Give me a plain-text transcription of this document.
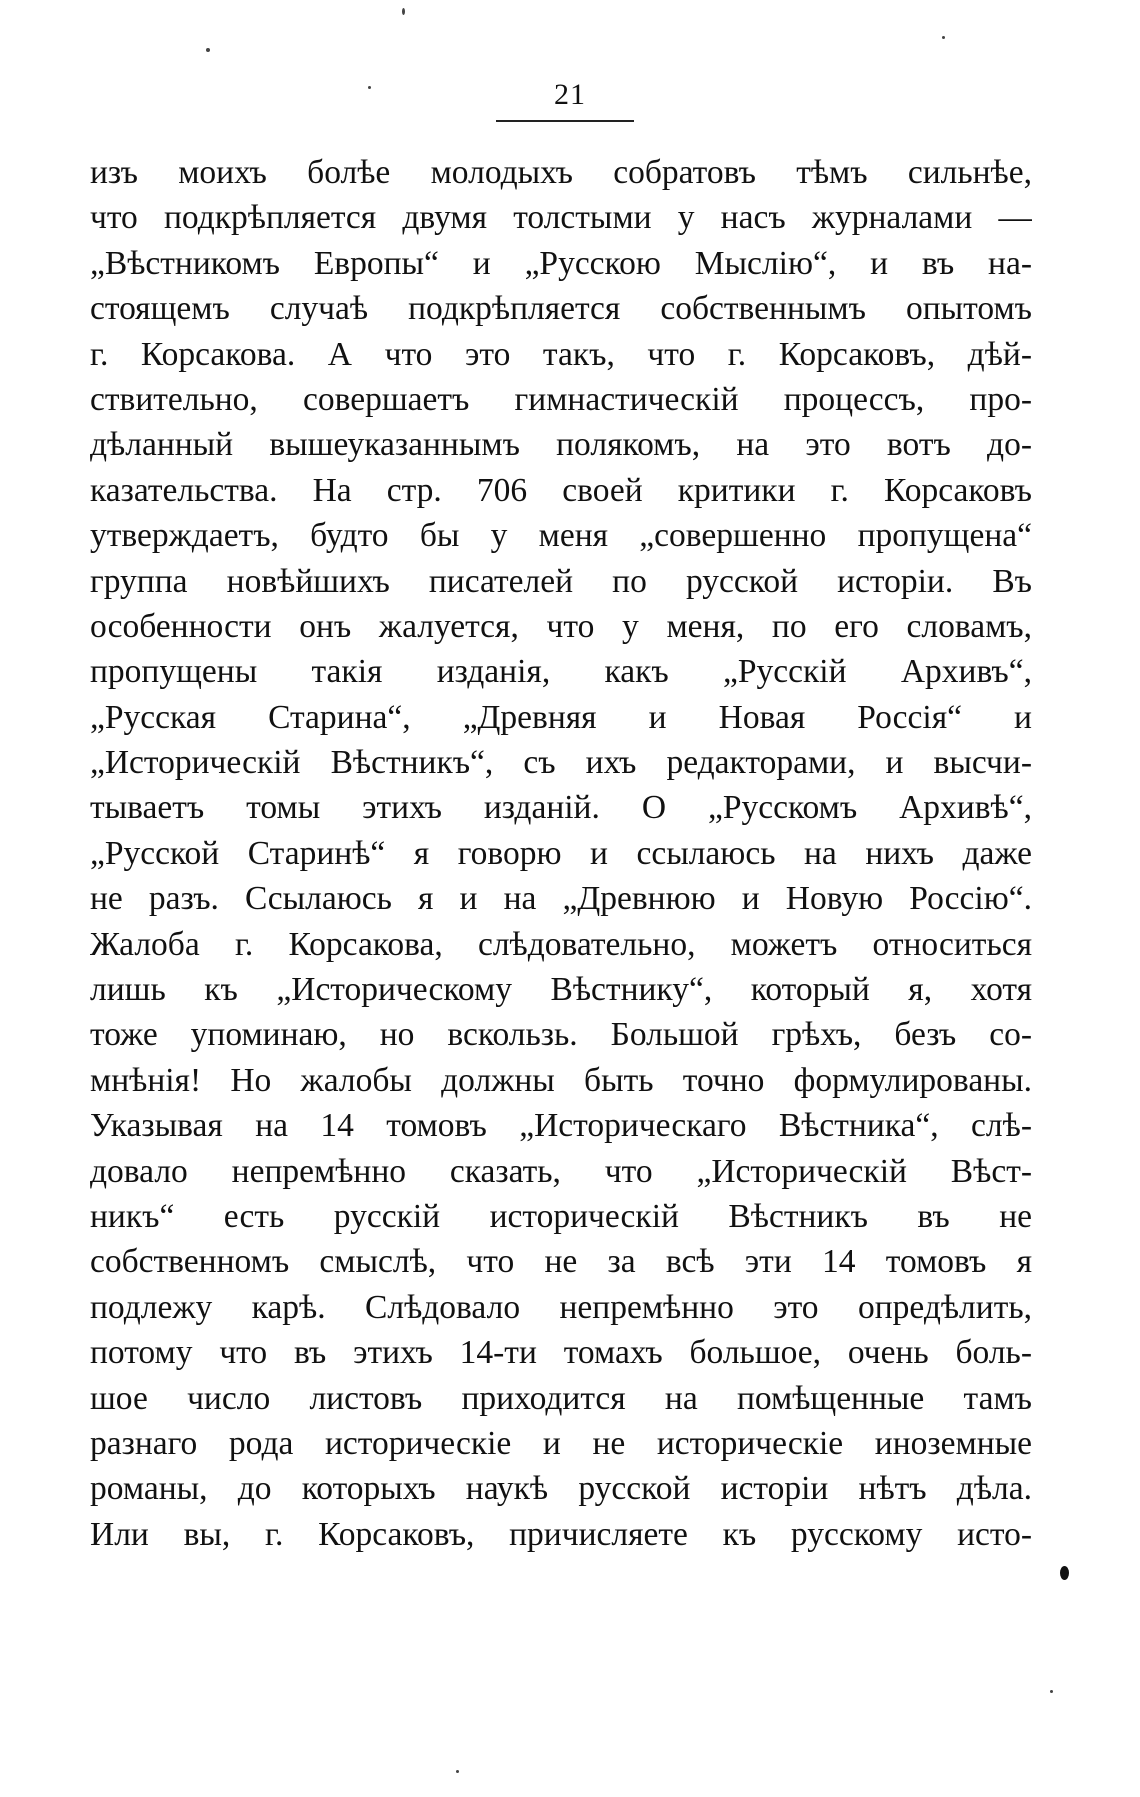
21
изъ моихъ болѣе молодыхъ собратовъ тѣмъ сильнѣе,
что подкрѣпляется двумя толстыми у насъ журналами —
„Вѣстникомъ Европы“ и „Русскою Мыслію“, и въ на-
стоящемъ случаѣ подкрѣпляется собственнымъ опытомъ
г. Корсакова. А что это такъ, что г. Корсаковъ, дѣй-
ствительно, совершаетъ гимнастическій процессъ, про-
дѣланный вышеуказаннымъ полякомъ, на это вотъ до-
казательства. На стр. 706 своей критики г. Корсаковъ
утверждаетъ, будто бы у меня „совершенно пропущена“
группа новѣйшихъ писателей по русской исторіи. Въ
особенности онъ жалуется, что у меня, по его словамъ,
пропущены такія изданія, какъ „Русскій Архивъ“,
„Русская Старина“, „Древняя и Новая Россія“ и
„Историческій Вѣстникъ“, съ ихъ редакторами, и высчи-
тываетъ томы этихъ изданій. О „Русскомъ Архивѣ“,
„Русской Старинѣ“ я говорю и ссылаюсь на нихъ даже
не разъ. Ссылаюсь я и на „Древнюю и Новую Россію“.
Жалоба г. Корсакова, слѣдовательно, можетъ относиться
лишь къ „Историческому Вѣстнику“, который я, хотя
тоже упоминаю, но вскользь. Большой грѣхъ, безъ со-
мнѣнія! Но жалобы должны быть точно формулированы.
Указывая на 14 томовъ „Историческаго Вѣстника“, слѣ-
довало непремѣнно сказать, что „Историческій Вѣст-
никъ“ есть русскій историческій Вѣстникъ въ не
собственномъ смыслѣ, что не за всѣ эти 14 томовъ я
подлежу карѣ. Слѣдовало непремѣнно это опредѣлить,
потому что въ этихъ 14-ти томахъ большое, очень боль-
шое число листовъ приходится на помѣщенные тамъ
разнаго рода историческіе и не историческіе иноземные
романы, до которыхъ наукѣ русской исторіи нѣтъ дѣла.
Или вы, г. Корсаковъ, причисляете къ русскому исто-
